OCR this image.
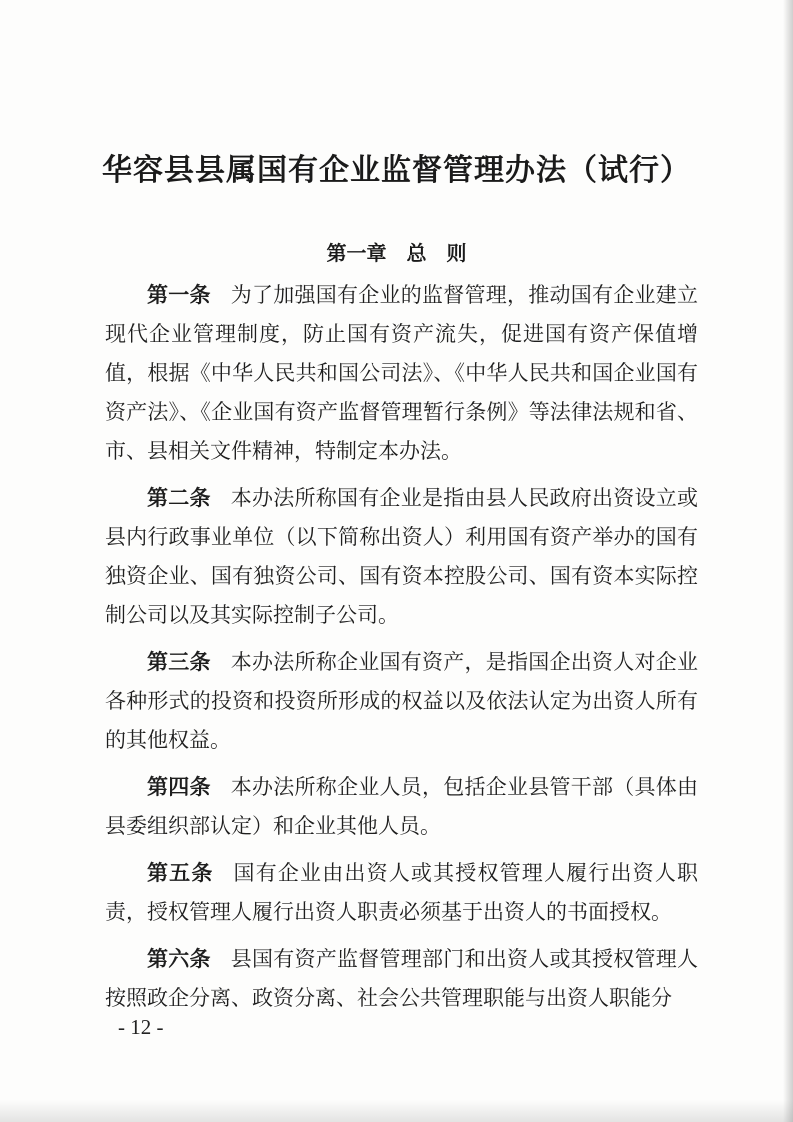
华容县县属国有企业监督管理办法（试行）
第一章　 总　则

第一条 为了加强国有企业的监督管理，推动国有企业建立现代企业管理制度，防止国有资产流失，促进国有资产保值增值，根据《中华人民共和国公司法》、《中华人民共和国企业国有资产法》、《企业国有资产监督管理暂行条例》等法律法规和省、市、县相关文件精神，特制定本办法。

第二条 本办法所称国有企业是指由县人民政府出资设立或县内行政事业单位（以下简称出资人）利用国有资产举办的国有独资企业、国有独资公司、国有资本控股公司、国有资本实际控制公司以及其实际控制子公司。

第三条 本办法所称企业国有资产，是指国企出资人对企业各种形式的投资和投资所形成的权益以及依法认定为出资人所有的其他权益。

第四条 本办法所称企业人员，包括企业县管干部（具体由县委组织部认定）和企业其他人员。

第五条 国有企业由出资人或其授权管理人履行出资人职责，授权管理人履行出资人职责必须基于出资人的书面授权。

第六条 县国有资产监督管理部门和出资人或其授权管理人按照政企分离、政资分离、社会公共管理职能与出资人职能分

- 12 -
